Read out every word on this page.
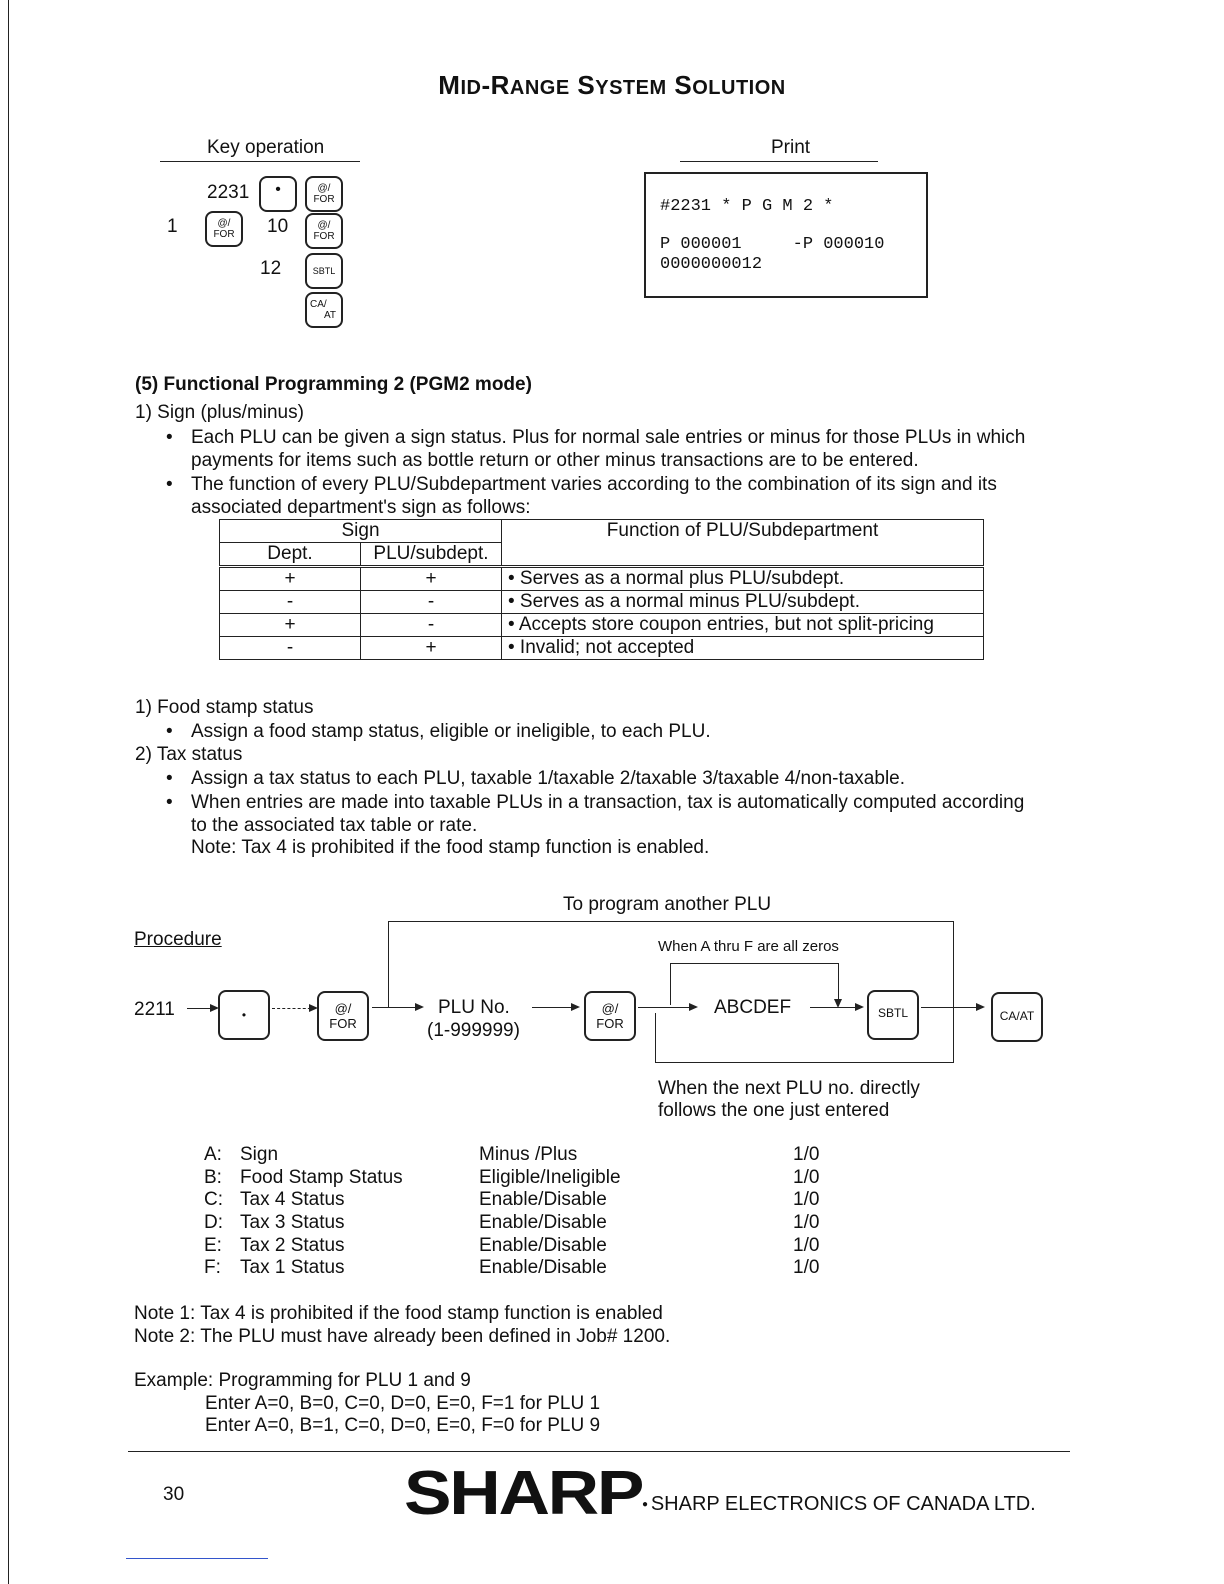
MID-RANGE SYSTEM SOLUTION
Key operation
2231	•	@/
FOR
1	@/
FOR	10	@/
FOR
12	SBTL
CA/
AT
Print
#2231 * P G M 2 *
P 000001     -P 000010
0000000012
(5) Functional Programming 2 (PGM2 mode)
1) Sign (plus/minus)
• Each PLU can be given a sign status. Plus for normal sale entries or minus for those PLUs in which
payments for items such as bottle return or other minus transactions are to be entered.
• The function of every PLU/Subdepartment varies according to the combination of its sign and its
associated department's sign as follows:
Sign		Function of PLU/Subdepartment
Dept.	PLU/subdept.	
+	+	• Serves as a normal plus PLU/subdept.
-	-	• Serves as a normal minus PLU/subdept.
+	-	• Accepts store coupon entries, but not split-pricing
-	+	• Invalid; not accepted
1) Food stamp status
• Assign a food stamp status, eligible or ineligible, to each PLU.
2) Tax status
• Assign a tax status to each PLU, taxable 1/taxable 2/taxable 3/taxable 4/non-taxable.
• When entries are made into taxable PLUs in a transaction, tax is automatically computed according
to the associated tax table or rate.
Note: Tax 4 is prohibited if the food stamp function is enabled.
To program another PLU
Procedure	When A thru F are all zeros
2211	•	@/
FOR
PLU No.
(1-999999)
@/
FOR
ABCDEF	SBTL	CA/AT
When the next PLU no. directly
follows the one just entered
A: Sign	Minus /Plus	1/0
B: Food Stamp Status	Eligible/Ineligible	1/0
C: Tax 4 Status	Enable/Disable	1/0
D: Tax 3 Status	Enable/Disable	1/0
E: Tax 2 Status	Enable/Disable	1/0
F: Tax 1 Status	Enable/Disable	1/0
Note 1: Tax 4 is prohibited if the food stamp function is enabled
Note 2: The PLU must have already been defined in Job# 1200.
Example: Programming for PLU 1 and 9
Enter A=0, B=0, C=0, D=0, E=0, F=1 for PLU 1
Enter A=0, B=1, C=0, D=0, E=0, F=0 for PLU 9
30	SHARP ● SHARP ELECTRONICS OF CANADA LTD.
